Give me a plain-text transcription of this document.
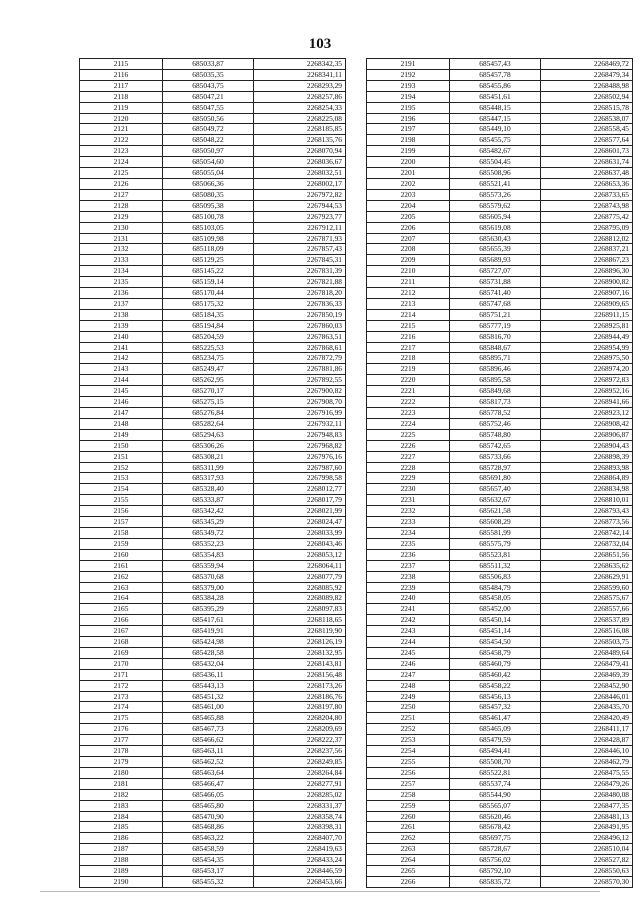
103
2115	685033,87	2268342,35
2116	685035,35	2268341,11
2117	685043,75	2268293,29
2118	685047,21	2268257,86
2119	685047,55	2268254,33
2120	685050,56	2268225,08
2121	685049,72	2268185,85
2122	685048,22	2268135,76
2123	685050,97	2268070,94
2124	685054,60	2268036,67
2125	685055,04	2268032,51
2126	685066,36	2268002,17
2127	685080,35	2267972,82
2128	685095,38	2267944,53
2129	685100,78	2267923,77
2130	685103,05	2267912,11
2131	685109,98	2267871,93
2132	685118,09	2267857,43
2133	685129,25	2267845,31
2134	685145,22	2267831,39
2135	685159,14	2267821,88
2136	685170,44	2267818,20
2137	685175,32	2267836,33
2138	685184,35	2267850,19
2139	685194,84	2267860,03
2140	685204,59	2267863,51
2141	685225,53	2267868,61
2142	685234,75	2267872,79
2143	685249,47	2267881,86
2144	685262,95	2267892,55
2145	685270,17	2267900,82
2146	685275,15	2267908,70
2147	685276,84	2267916,99
2148	685282,64	2267932,11
2149	685294,63	2267948,83
2150	685306,26	2267968,82
2151	685308,21	2267976,16
2152	685311,99	2267987,60
2153	685317,93	2267998,58
2154	685328,40	2268012,77
2155	685333,87	2268017,79
2156	685342,42	2268021,99
2157	685345,29	2268024,47
2158	685349,72	2268033,99
2159	685352,23	2268043,46
2160	685354,83	2268053,12
2161	685359,94	2268064,11
2162	685370,68	2268077,79
2163	685379,00	2268085,92
2164	685384,28	2268089,82
2165	685395,29	2268097,83
2166	685417,61	2268118,65
2167	685419,91	2268119,90
2168	685424,98	2268126,19
2169	685428,58	2268132,95
2170	685432,04	2268143,81
2171	685436,11	2268156,48
2172	685443,13	2268173,26
2173	685451,32	2268186,76
2174	685461,00	2268197,80
2175	685465,88	2268204,80
2176	685467,73	2268209,69
2177	685466,62	2268222,37
2178	685463,11	2268237,56
2179	685462,52	2268249,85
2180	685463,64	2268264,84
2181	685466,47	2268277,91
2182	685466,05	2268285,02
2183	685465,80	2268331,37
2184	685470,90	2268358,74
2185	685468,86	2268398,31
2186	685463,22	2268407,70
2187	685458,59	2268419,63
2188	685454,35	2268433,24
2189	685453,17	2268446,59
2190	685455,32	2268453,66
2191	685457,43	2268469,72
2192	685457,78	2268479,34
2193	685455,86	2268488,98
2194	685451,61	2268502,94
2195	685448,15	2268515,78
2196	685447,15	2268538,07
2197	685449,10	2268558,45
2198	685455,75	2268577,64
2199	685482,67	2268601,73
2200	685504,45	2268631,74
2201	685508,96	2268637,48
2202	685521,41	2268653,36
2203	685573,26	2268733,65
2204	685579,62	2268743,98
2205	685605,94	2268775,42
2206	685619,08	2268795,09
2207	685630,43	2268812,02
2208	685655,39	2268837,21
2209	685689,93	2268867,23
2210	685727,07	2268896,30
2211	685731,88	2268900,82
2212	685741,40	2268907,16
2213	685747,68	2268909,65
2214	685751,21	2268911,15
2215	685777,19	2268925,81
2216	685816,70	2268944,49
2217	685848,67	2268954,99
2218	685895,71	2268975,50
2219	685896,46	2268974,20
2220	685895,58	2268972,83
2221	685849,68	2268952,16
2222	685817,73	2268941,66
2223	685778,52	2268923,12
2224	685752,46	2268908,42
2225	685748,80	2268906,87
2226	685742,65	2268904,43
2227	685733,66	2268898,39
2228	685728,97	2268893,98
2229	685691,80	2268864,89
2230	685657,40	2268834,98
2231	685632,67	2268810,01
2232	685621,58	2268793,43
2233	685608,29	2268773,56
2234	685581,99	2268742,14
2235	685575,79	2268732,04
2236	685523,81	2268651,56
2237	685511,32	2268635,62
2238	685506,83	2268629,91
2239	685484,79	2268599,60
2240	685458,05	2268575,67
2241	685452,00	2268557,66
2242	685450,14	2268537,89
2243	685451,14	2268516,08
2244	685454,50	2268503,75
2245	685458,79	2268489,64
2246	685460,79	2268479,41
2247	685460,42	2268469,39
2248	685458,22	2268452,90
2249	685456,13	2268446,01
2250	685457,32	2268435,70
2251	685461,47	2268420,49
2252	685465,09	2268411,17
2253	685479,59	2268428,87
2254	685494,41	2268446,10
2255	685508,70	2268462,79
2256	685522,81	2268475,55
2257	685537,74	2268479,26
2258	685544,90	2268480,08
2259	685565,07	2268477,35
2260	685620,46	2268481,13
2261	685678,42	2268491,95
2262	685697,75	2268496,12
2263	685728,67	2268510,04
2264	685756,02	2268527,82
2265	685792,10	2268550,63
2266	685835,72	2268570,30
